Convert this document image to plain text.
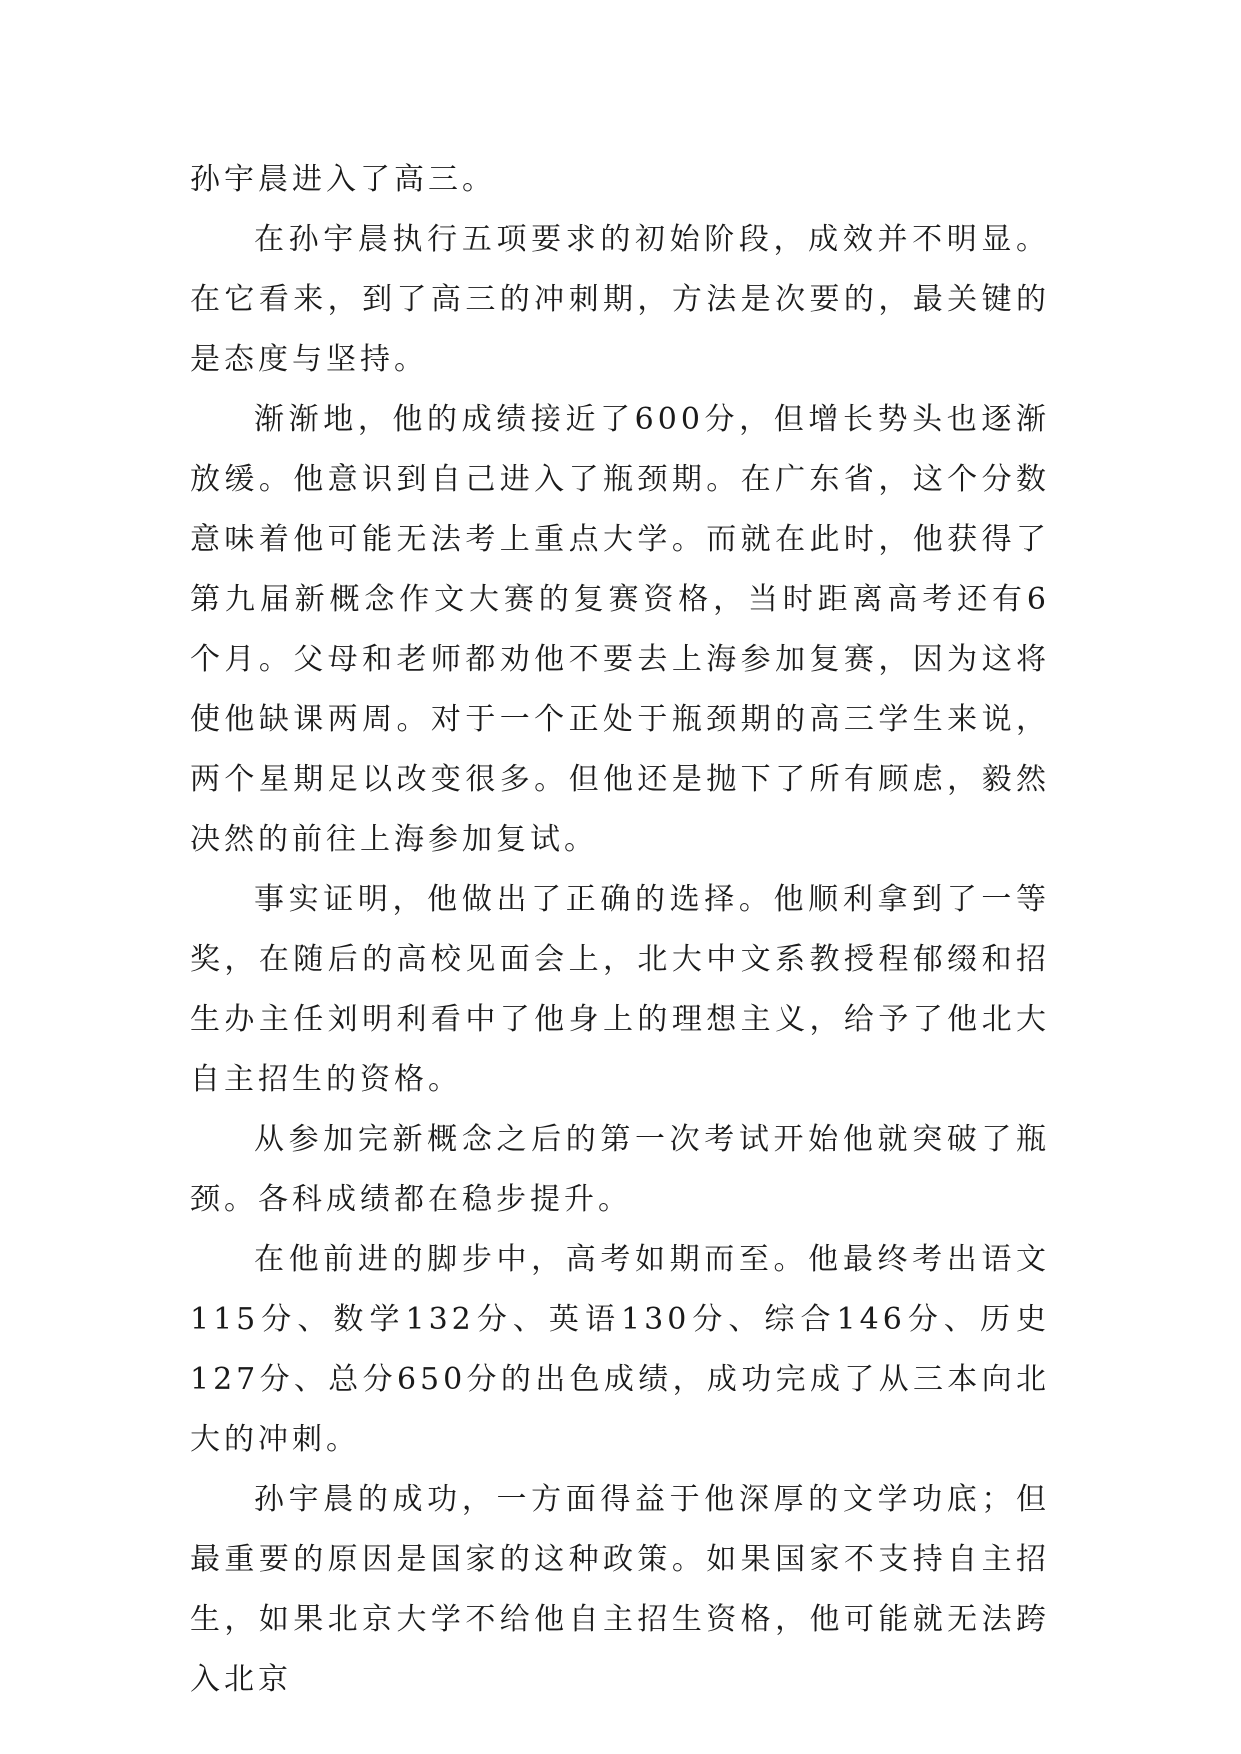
孙宇晨进入了高三。

在孙宇晨执行五项要求的初始阶段，成效并不明显。在它看来，到了高三的冲刺期，方法是次要的，最关键的是态度与坚持。

渐渐地，他的成绩接近了600分，但增长势头也逐渐放缓。他意识到自己进入了瓶颈期。在广东省，这个分数意味着他可能无法考上重点大学。而就在此时，他获得了第九届新概念作文大赛的复赛资格，当时距离高考还有6个月。父母和老师都劝他不要去上海参加复赛，因为这将使他缺课两周。对于一个正处于瓶颈期的高三学生来说，两个星期足以改变很多。但他还是抛下了所有顾虑，毅然决然的前往上海参加复试。

事实证明，他做出了正确的选择。他顺利拿到了一等奖，在随后的高校见面会上，北大中文系教授程郁缀和招生办主任刘明利看中了他身上的理想主义，给予了他北大自主招生的资格。

从参加完新概念之后的第一次考试开始他就突破了瓶颈。各科成绩都在稳步提升。

在他前进的脚步中，高考如期而至。他最终考出语文115分、数学132分、英语130分、综合146分、历史127分、总分650分的出色成绩，成功完成了从三本向北大的冲刺。

孙宇晨的成功，一方面得益于他深厚的文学功底；但最重要的原因是国家的这种政策。如果国家不支持自主招生，如果北京大学不给他自主招生资格，他可能就无法跨入北京
